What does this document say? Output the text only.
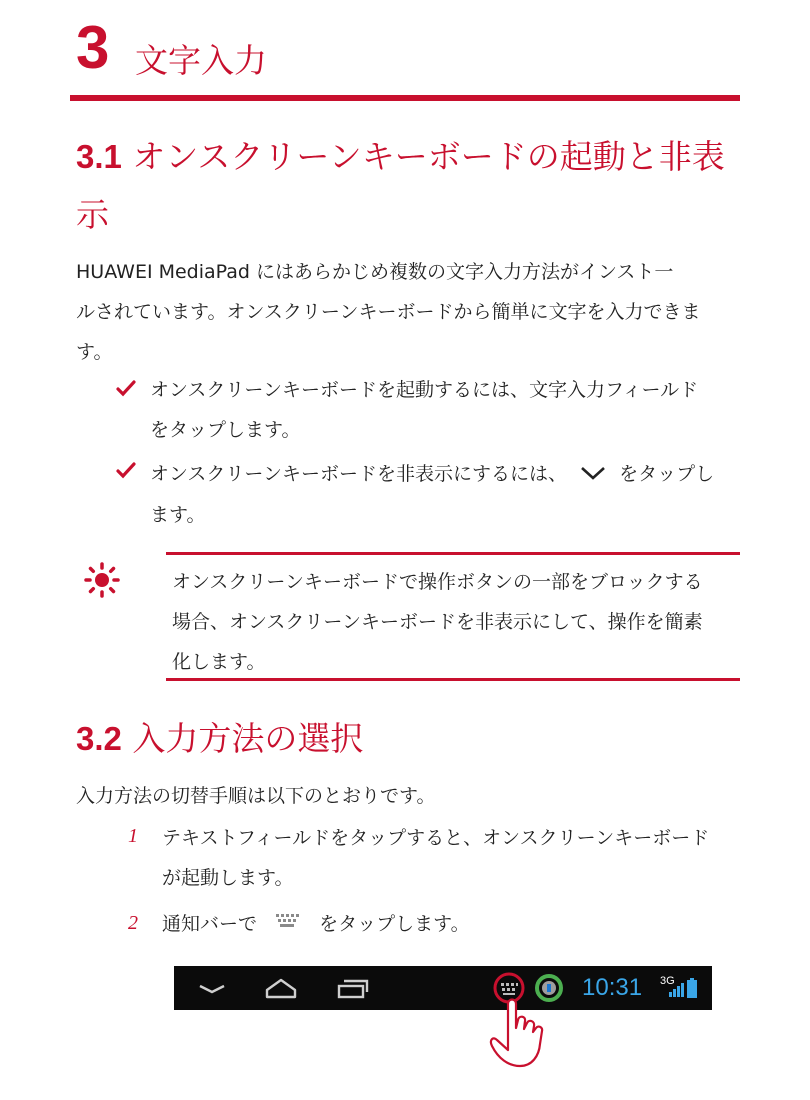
3 文字入力
3.1 オンスクリーンキーボードの起動と非表
示
HUAWEI MediaPad にはあらかじめ複数の文字入力方法がインスト一
ルされています。オンスクリーンキーボードから簡単に文字を入力できま
す。
オンスクリーンキーボードを起動するには、文字入力フィールド
をタップします。
オンスクリーンキーボードを非表示にするには、	をタップし
ます。
オンスクリーンキーボードで操作ボタンの一部をブロックする
場合、オンスクリーンキーボードを非表示にして、操作を簡素
化します。
3.2 入力方法の選択
入力方法の切替手順は以下のとおりです。
1 テキストフィールドをタップすると、オンスクリーンキーボード
が起動します。
2 通知バーで	をタップします。
10:31 3G
